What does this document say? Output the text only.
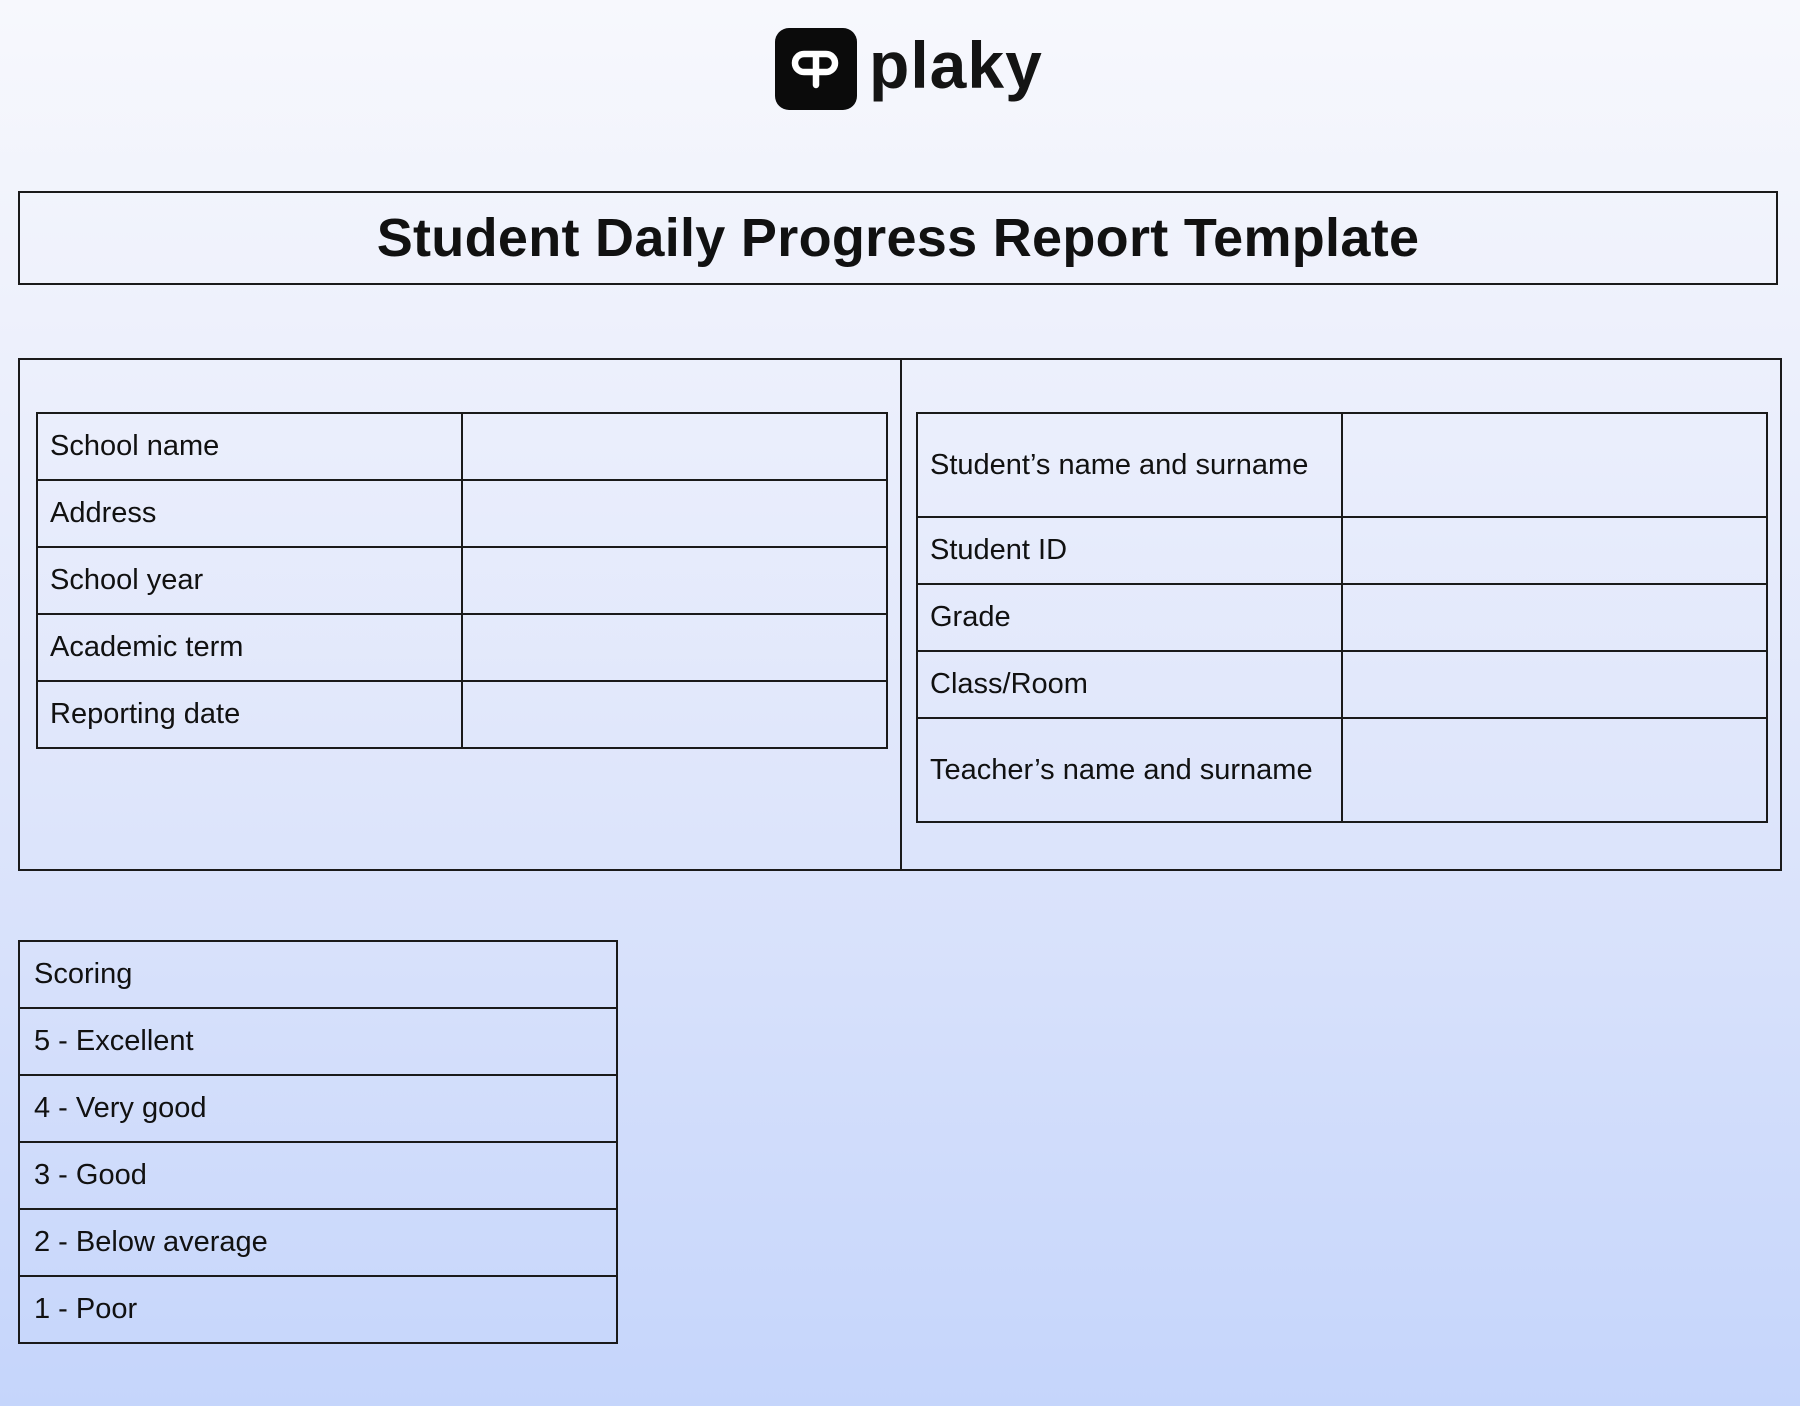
plaky
Student Daily Progress Report Template
School name	
Address	
School year	
Academic term	
Reporting date	
Student’s name and surname	
Student ID	
Grade	
Class/Room	
Teacher’s name and surname	
Scoring
5 - Excellent
4 - Very good
3 - Good
2 - Below average
1 - Poor
